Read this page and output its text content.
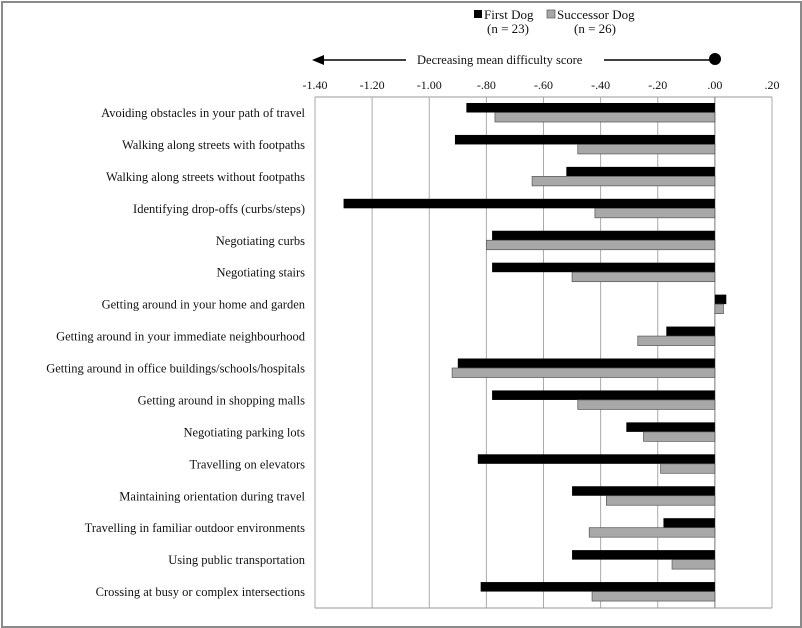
First Dog
(n = 23)
Successor Dog
(n = 26)
Decreasing mean difficulty score
-1.40	-1.20	-1.00	-.80	-.60	-.40	-.20	.00	.20
Avoiding obstacles in your path of travel
Walking along streets with footpaths
Walking along streets without footpaths
Identifying drop-offs (curbs/steps)
Negotiating curbs
Negotiating stairs
Getting around in your home and garden
Getting around in your immediate neighbourhood
Getting around in office buildings/schools/hospitals
Getting around in shopping malls
Negotiating parking lots
Travelling on elevators
Maintaining orientation during travel
Travelling in familiar outdoor environments
Using public transportation
Crossing at busy or complex intersections
